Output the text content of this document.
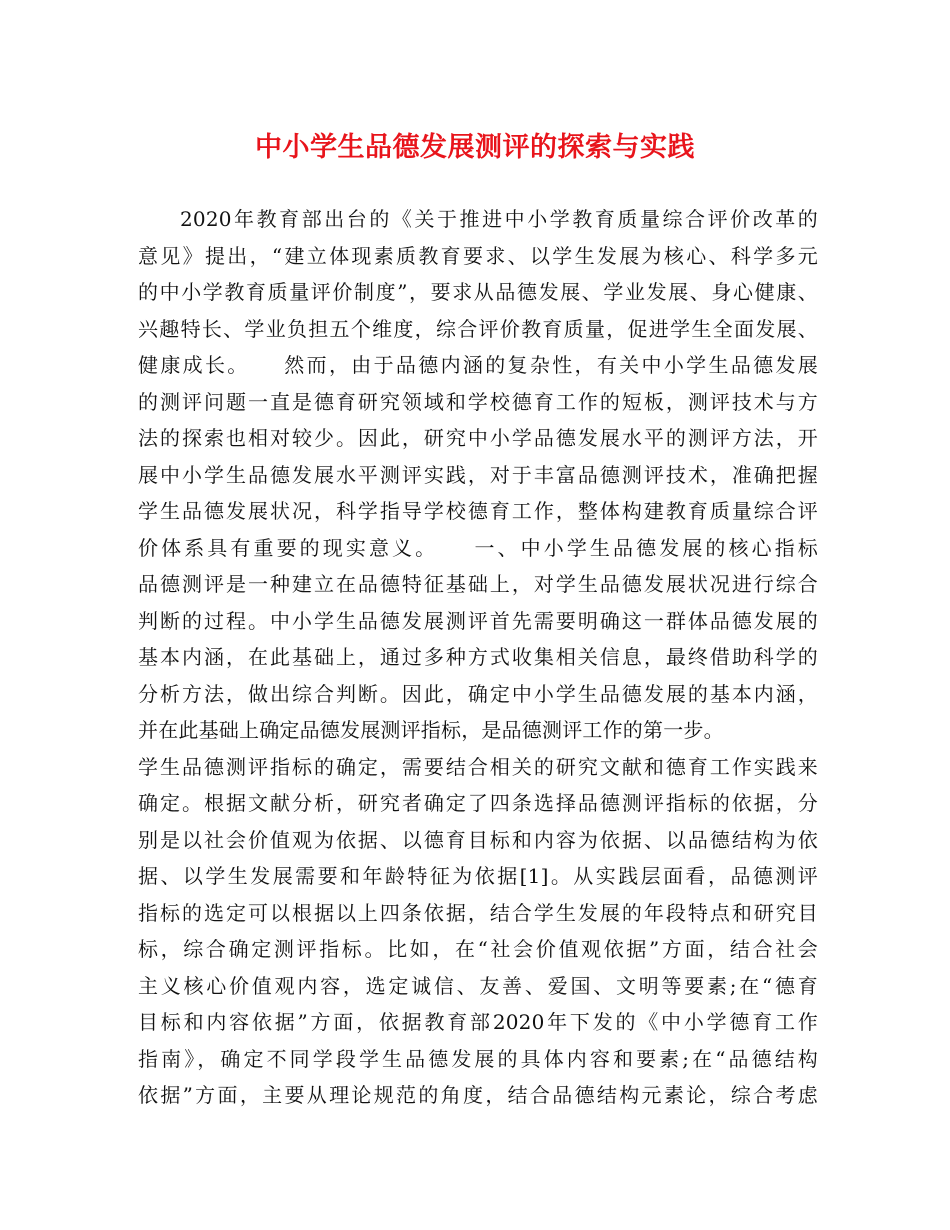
中小学生品德发展测评的探索与实践
2020年教育部出台的《关于推进中小学教育质量综合评价改革的
意见》提出，“建立体现素质教育要求、以学生发展为核心、科学多元
的中小学教育质量评价制度”，要求从品德发展、学业发展、身心健康、
兴趣特长、学业负担五个维度，综合评价教育质量，促进学生全面发展、
健康成长。　　然而，由于品德内涵的复杂性，有关中小学生品德发展
的测评问题一直是德育研究领域和学校德育工作的短板，测评技术与方
法的探索也相对较少。因此，研究中小学品德发展水平的测评方法，开
展中小学生品德发展水平测评实践，对于丰富品德测评技术，准确把握
学生品德发展状况，科学指导学校德育工作，整体构建教育质量综合评
价体系具有重要的现实意义。　　一、中小学生品德发展的核心指标
品德测评是一种建立在品德特征基础上，对学生品德发展状况进行综合
判断的过程。中小学生品德发展测评首先需要明确这一群体品德发展的
基本内涵，在此基础上，通过多种方式收集相关信息，最终借助科学的
分析方法，做出综合判断。因此，确定中小学生品德发展的基本内涵，
并在此基础上确定品德发展测评指标，是品德测评工作的第一步。
学生品德测评指标的确定，需要结合相关的研究文献和德育工作实践来
确定。根据文献分析，研究者确定了四条选择品德测评指标的依据，分
别是以社会价值观为依据、以德育目标和内容为依据、以品德结构为依
据、以学生发展需要和年龄特征为依据[1]。从实践层面看，品德测评
指标的选定可以根据以上四条依据，结合学生发展的年段特点和研究目
标，综合确定测评指标。比如，在“社会价值观依据”方面，结合社会
主义核心价值观内容，选定诚信、友善、爱国、文明等要素;在“德育
目标和内容依据”方面，依据教育部2020年下发的《中小学德育工作
指南》，确定不同学段学生品德发展的具体内容和要素;在“品德结构
依据”方面，主要从理论规范的角度，结合品德结构元素论，综合考虑
